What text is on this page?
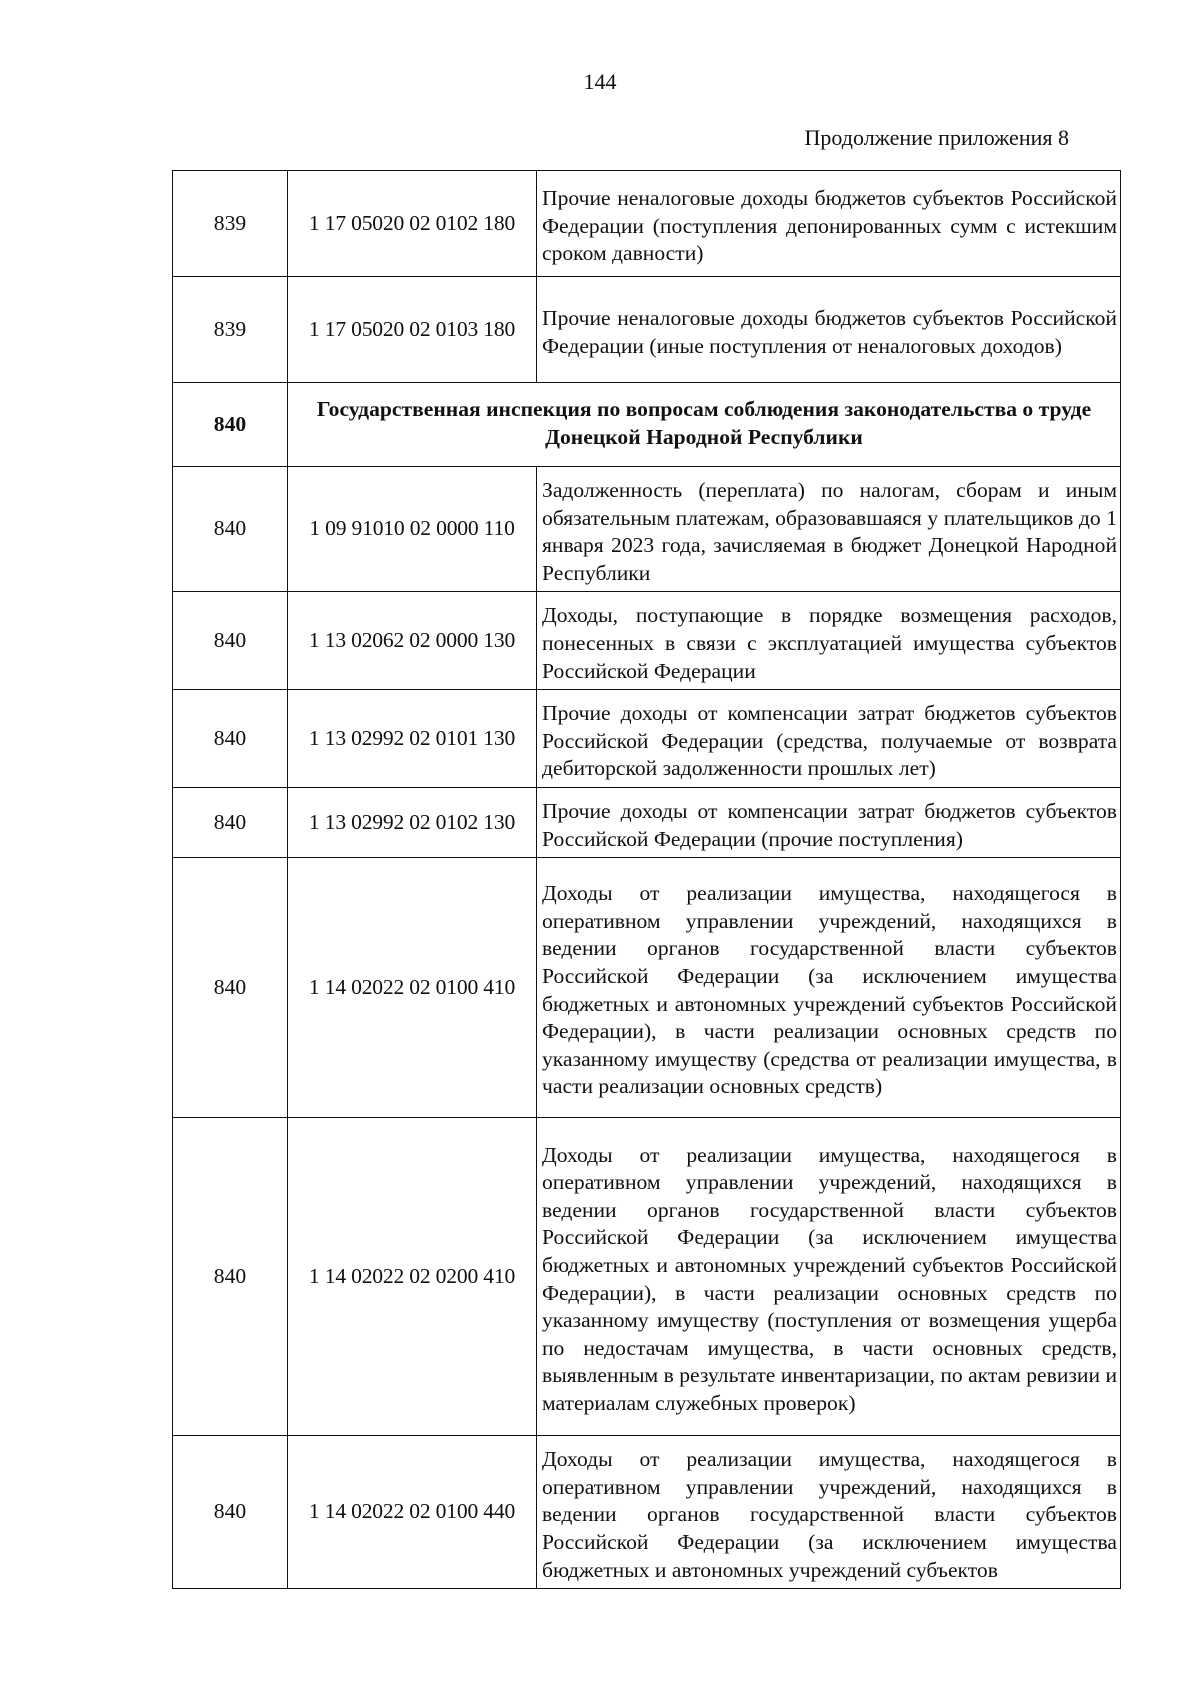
144
Продолжение приложения 8
839	1 17 05020 02 0102 180	Прочие неналоговые доходы бюджетов субъектов Российской Федерации (поступления депонированных сумм с истекшим сроком давности)

839	1 17 05020 02 0103 180	Прочие неналоговые доходы бюджетов субъектов Российской Федерации (иные поступления от неналоговых доходов)

840	Государственная инспекция по вопросам соблюдения законодательства о труде Донецкой Народной Республики	
840	1 09 91010 02 0000 110	Задолженность (переплата) по налогам, сборам и иным обязательным платежам, образовавшаяся у плательщиков до 1 января 2023 года, зачисляемая в бюджет Донецкой Народной Республики

840	1 13 02062 02 0000 130	Доходы, поступающие в порядке возмещения расходов, понесенных в связи с эксплуатацией имущества субъектов Российской Федерации

840	1 13 02992 02 0101 130	Прочие доходы от компенсации затрат бюджетов субъектов Российской Федерации (средства, получаемые от возврата дебиторской задолженности прошлых лет)

840	1 13 02992 02 0102 130	Прочие доходы от компенсации затрат бюджетов субъектов Российской Федерации (прочие поступления)

840	1 14 02022 02 0100 410	Доходы от реализации имущества, находящегося в оперативном управлении учреждений, находящихся в ведении органов государственной власти субъектов Российской Федерации (за исключением имущества бюджетных и автономных учреждений субъектов Российской Федерации), в части реализации основных средств по указанному имуществу (средства от реализации имущества, в части реализации основных средств)

840	1 14 02022 02 0200 410	Доходы от реализации имущества, находящегося в оперативном управлении учреждений, находящихся в ведении органов государственной власти субъектов Российской Федерации (за исключением имущества бюджетных и автономных учреждений субъектов Российской Федерации), в части реализации основных средств по указанному имуществу (поступления от возмещения ущерба по недостачам имущества, в части основных средств, выявленным в результате инвентаризации, по актам ревизии и материалам служебных проверок)

840	1 14 02022 02 0100 440	Доходы от реализации имущества, находящегося в оперативном управлении учреждений, находящихся в ведении органов государственной власти субъектов Российской Федерации (за исключением имущества бюджетных и автономных учреждений субъектов
